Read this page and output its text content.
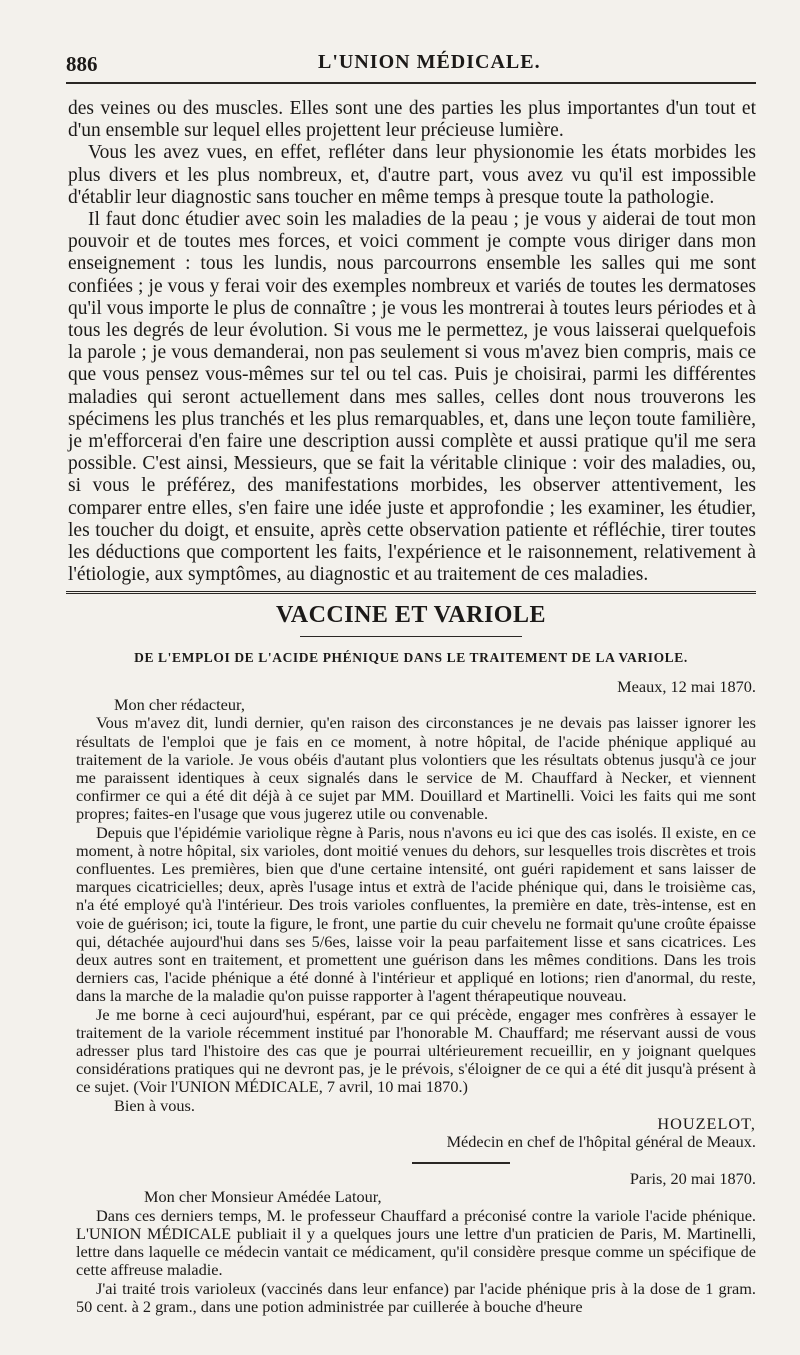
886	L'UNION MÉDICALE.

des veines ou des muscles. Elles sont une des parties les plus importantes d'un tout et d'un ensemble sur lequel elles projettent leur précieuse lumière.

Vous les avez vues, en effet, refléter dans leur physionomie les états morbides les plus divers et les plus nombreux, et, d'autre part, vous avez vu qu'il est impossible d'établir leur diagnostic sans toucher en même temps à presque toute la pathologie.

Il faut donc étudier avec soin les maladies de la peau ; je vous y aiderai de tout mon pouvoir et de toutes mes forces, et voici comment je compte vous diriger dans mon enseignement : tous les lundis, nous parcourrons ensemble les salles qui me sont confiées ; je vous y ferai voir des exemples nombreux et variés de toutes les dermatoses qu'il vous importe le plus de connaître ; je vous les montrerai à toutes leurs périodes et à tous les degrés de leur évolution. Si vous me le permettez, je vous laisserai quelquefois la parole ; je vous demanderai, non pas seulement si vous m'avez bien compris, mais ce que vous pensez vous-mêmes sur tel ou tel cas. Puis je choisirai, parmi les différentes maladies qui seront actuellement dans mes salles, celles dont nous trouverons les spécimens les plus tranchés et les plus remarquables, et, dans une leçon toute familière, je m'efforcerai d'en faire une description aussi complète et aussi pratique qu'il me sera possible. C'est ainsi, Messieurs, que se fait la véritable clinique : voir des maladies, ou, si vous le préférez, des manifestations morbides, les observer attentivement, les comparer entre elles, s'en faire une idée juste et approfondie ; les examiner, les étudier, les toucher du doigt, et ensuite, après cette observation patiente et réfléchie, tirer toutes les déductions que comportent les faits, l'expérience et le raisonnement, relativement à l'étiologie, aux symptômes, au diagnostic et au traitement de ces maladies.

VACCINE ET VARIOLE
DE L'EMPLOI DE L'ACIDE PHÉNIQUE DANS LE TRAITEMENT DE LA VARIOLE.

Meaux, 12 mai 1870.

Mon cher rédacteur,

Vous m'avez dit, lundi dernier, qu'en raison des circonstances je ne devais pas laisser ignorer les résultats de l'emploi que je fais en ce moment, à notre hôpital, de l'acide phénique appliqué au traitement de la variole. Je vous obéis d'autant plus volontiers que les résultats obtenus jusqu'à ce jour me paraissent identiques à ceux signalés dans le service de M. Chauffard à Necker, et viennent confirmer ce qui a été dit déjà à ce sujet par MM. Douillard et Martinelli. Voici les faits qui me sont propres; faites-en l'usage que vous jugerez utile ou convenable.

Depuis que l'épidémie variolique règne à Paris, nous n'avons eu ici que des cas isolés. Il existe, en ce moment, à notre hôpital, six varioles, dont moitié venues du dehors, sur lesquelles trois discrètes et trois confluentes. Les premières, bien que d'une certaine intensité, ont guéri rapidement et sans laisser de marques cicatricielles; deux, après l'usage intus et extrà de l'acide phénique qui, dans le troisième cas, n'a été employé qu'à l'intérieur. Des trois varioles confluentes, la première en date, très-intense, est en voie de guérison; ici, toute la figure, le front, une partie du cuir chevelu ne formait qu'une croûte épaisse qui, détachée aujourd'hui dans ses 5/6es, laisse voir la peau parfaitement lisse et sans cicatrices. Les deux autres sont en traitement, et promettent une guérison dans les mêmes conditions. Dans les trois derniers cas, l'acide phénique a été donné à l'intérieur et appliqué en lotions; rien d'anormal, du reste, dans la marche de la maladie qu'on puisse rapporter à l'agent thérapeutique nouveau.

Je me borne à ceci aujourd'hui, espérant, par ce qui précède, engager mes confrères à essayer le traitement de la variole récemment institué par l'honorable M. Chauffard; me réservant aussi de vous adresser plus tard l'histoire des cas que je pourrai ultérieurement recueillir, en y joignant quelques considérations pratiques qui ne devront pas, je le prévois, s'éloigner de ce qui a été dit jusqu'à présent à ce sujet. (Voir l'UNION MÉDICALE, 7 avril, 10 mai 1870.)

Bien à vous.

HOUZELOT,

Médecin en chef de l'hôpital général de Meaux.

Paris, 20 mai 1870.

Mon cher Monsieur Amédée Latour,

Dans ces derniers temps, M. le professeur Chauffard a préconisé contre la variole l'acide phénique. L'UNION MÉDICALE publiait il y a quelques jours une lettre d'un praticien de Paris, M. Martinelli, lettre dans laquelle ce médecin vantait ce médicament, qu'il considère presque comme un spécifique de cette affreuse maladie.

J'ai traité trois varioleux (vaccinés dans leur enfance) par l'acide phénique pris à la dose de 1 gram. 50 cent. à 2 gram., dans une potion administrée par cuillerée à bouche d'heure
